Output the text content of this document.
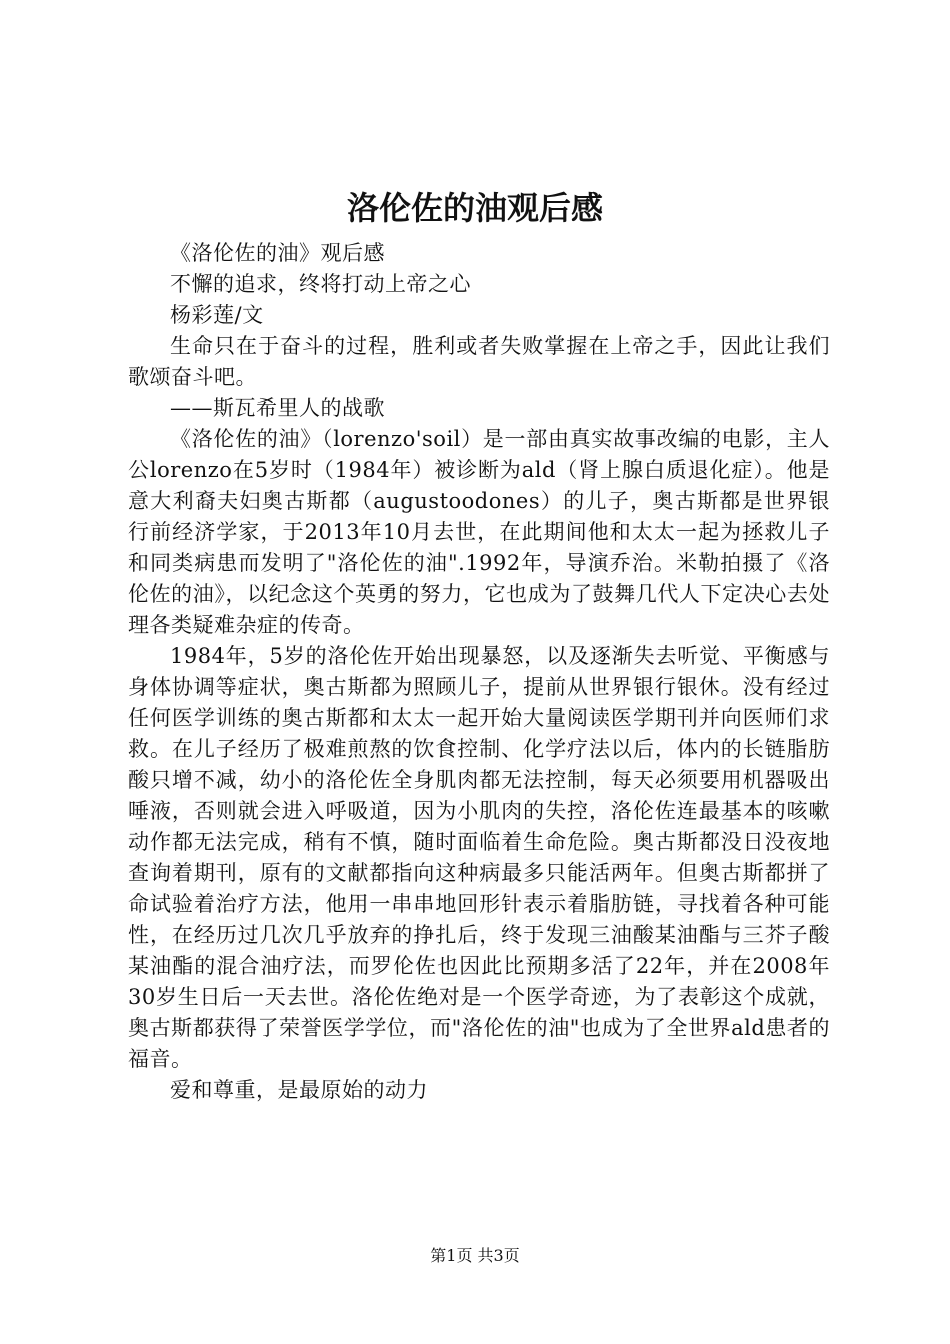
洛伦佐的油观后感

《洛伦佐的油》观后感

不懈的追求，终将打动上帝之心

杨彩莲/文

生命只在于奋斗的过程，胜利或者失败掌握在上帝之手，因此让我们歌颂奋斗吧。

——斯瓦希里人的战歌

《洛伦佐的油》（lorenzo'soil）是一部由真实故事改编的电影，主人公lorenzo在5岁时（1984年）被诊断为ald（肾上腺白质退化症）。他是意大利裔夫妇奥古斯都（augustoodones）的儿子，奥古斯都是世界银行前经济学家，于2013年10月去世，在此期间他和太太一起为拯救儿子和同类病患而发明了"洛伦佐的油".1992年，导演乔治。米勒拍摄了《洛伦佐的油》，以纪念这个英勇的努力，它也成为了鼓舞几代人下定决心去处理各类疑难杂症的传奇。

1984年，5岁的洛伦佐开始出现暴怒，以及逐渐失去听觉、平衡感与身体协调等症状，奥古斯都为照顾儿子，提前从世界银行银休。没有经过任何医学训练的奥古斯都和太太一起开始大量阅读医学期刊并向医师们求救。在儿子经历了极难煎熬的饮食控制、化学疗法以后，体内的长链脂肪酸只增不减，幼小的洛伦佐全身肌肉都无法控制，每天必须要用机器吸出唾液，否则就会进入呼吸道，因为小肌肉的失控，洛伦佐连最基本的咳嗽动作都无法完成，稍有不慎，随时面临着生命危险。奥古斯都没日没夜地查询着期刊，原有的文献都指向这种病最多只能活两年。但奥古斯都拼了命试验着治疗方法，他用一串串地回形针表示着脂肪链，寻找着各种可能性，在经历过几次几乎放弃的挣扎后，终于发现三油酸某油酯与三芥子酸某油酯的混合油疗法，而罗伦佐也因此比预期多活了22年，并在2008年30岁生日后一天去世。洛伦佐绝对是一个医学奇迹，为了表彰这个成就，奥古斯都获得了荣誉医学学位，而"洛伦佐的油"也成为了全世界ald患者的福音。

爱和尊重，是最原始的动力

第1页 共3页
